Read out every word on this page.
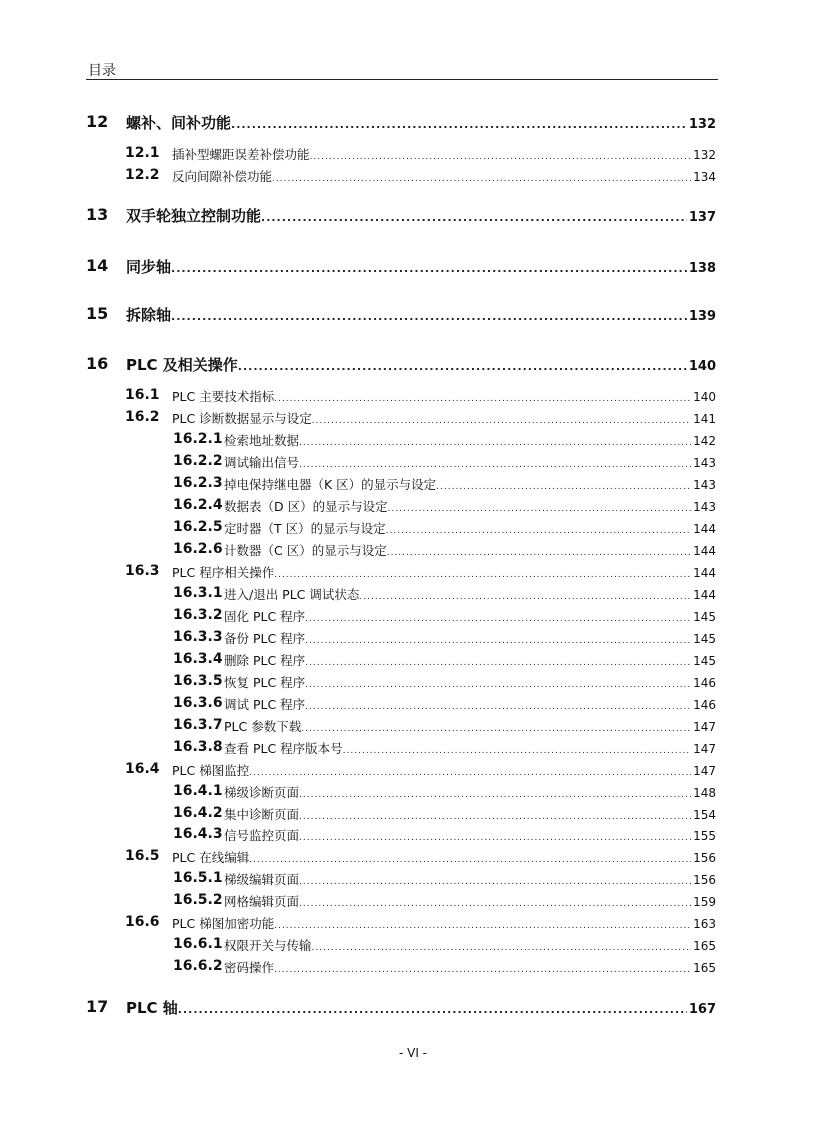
目录
12 螺补、间补功能 .....	132
12.1 插补型螺距误差补偿功能 .....	132
12.2 反向间隙补偿功能 .....	134
13 双手轮独立控制功能 .....	137
14 同步轴 .....	138
15 拆除轴 .....	139
16 PLC 及相关操作 .....	140
16.1 PLC 主要技术指标 .....	140
16.2 PLC 诊断数据显示与设定 .....	141
16.2.1 检索地址数据 .....	142
16.2.2 调试输出信号 .....	143
16.2.3 掉电保持继电器（K 区）的显示与设定 .....	143
16.2.4 数据表（D 区）的显示与设定 .....	143
16.2.5 定时器（T 区）的显示与设定 .....	144
16.2.6 计数器（C 区）的显示与设定 .....	144
16.3 PLC 程序相关操作 .....	144
16.3.1 进入/退出 PLC 调试状态 .....	144
16.3.2 固化 PLC 程序 .....	145
16.3.3 备份 PLC 程序 .....	145
16.3.4 删除 PLC 程序 .....	145
16.3.5 恢复 PLC 程序 .....	146
16.3.6 调试 PLC 程序 .....	146
16.3.7 PLC 参数下载 .....	147
16.3.8 查看 PLC 程序版本号 .....	147
16.4 PLC 梯图监控 .....	147
16.4.1 梯级诊断页面 .....	148
16.4.2 集中诊断页面 .....	154
16.4.3 信号监控页面 .....	155
16.5 PLC 在线编辑 .....	156
16.5.1 梯级编辑页面 .....	156
16.5.2 网格编辑页面 .....	159
16.6 PLC 梯图加密功能 .....	163
16.6.1 权限开关与传输 .....	165
16.6.2 密码操作 .....	165
17 PLC 轴 .....	167
- VI -
